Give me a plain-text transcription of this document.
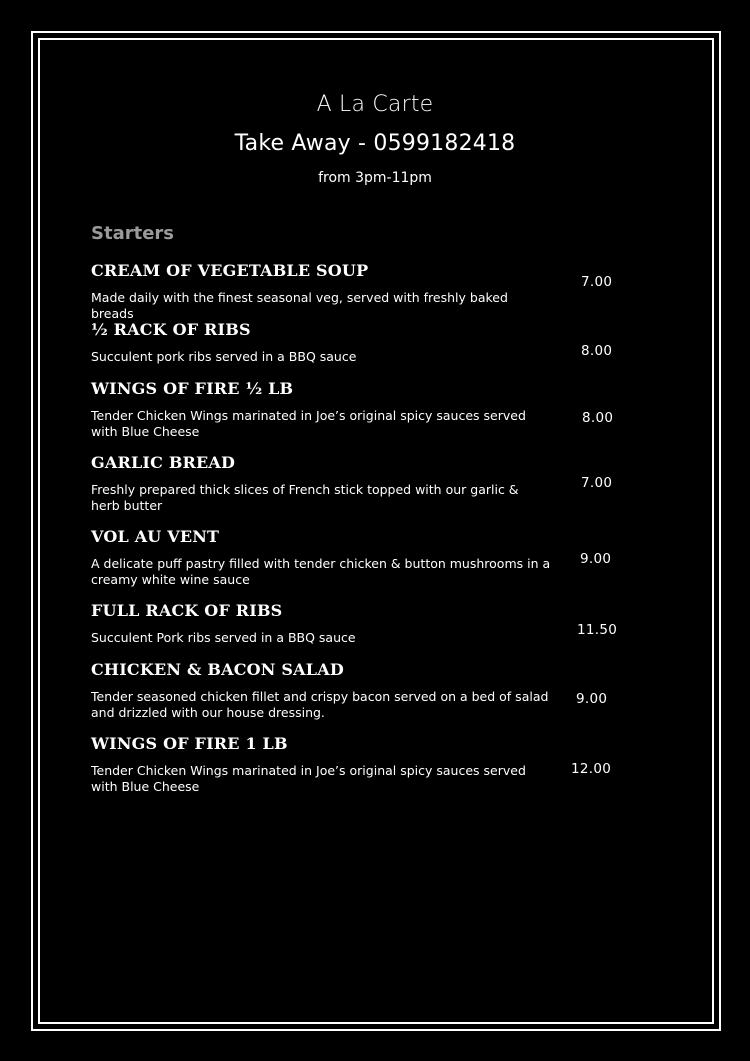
A La Carte
Take Away - 0599182418
from 3pm-11pm
Starters
CREAM OF VEGETABLE SOUP
Made daily with the finest seasonal veg, served with freshly baked breads
7.00
½ RACK OF RIBS
Succulent pork ribs served in a BBQ sauce	8.00
WINGS OF FIRE ½ LB
Tender Chicken Wings marinated in Joe’s original spicy sauces served with Blue Cheese
8.00
GARLIC BREAD
Freshly prepared thick slices of French stick topped with our garlic & herb butter
7.00
VOL AU VENT
A delicate puff pastry filled with tender chicken & button mushrooms in a creamy white wine sauce
9.00
FULL RACK OF RIBS
Succulent Pork ribs served in a BBQ sauce	11.50
CHICKEN & BACON SALAD
Tender seasoned chicken fillet and crispy bacon served on a bed of salad and drizzled with our house dressing.
9.00
WINGS OF FIRE 1 LB
Tender Chicken Wings marinated in Joe’s original spicy sauces served with Blue Cheese
12.00
